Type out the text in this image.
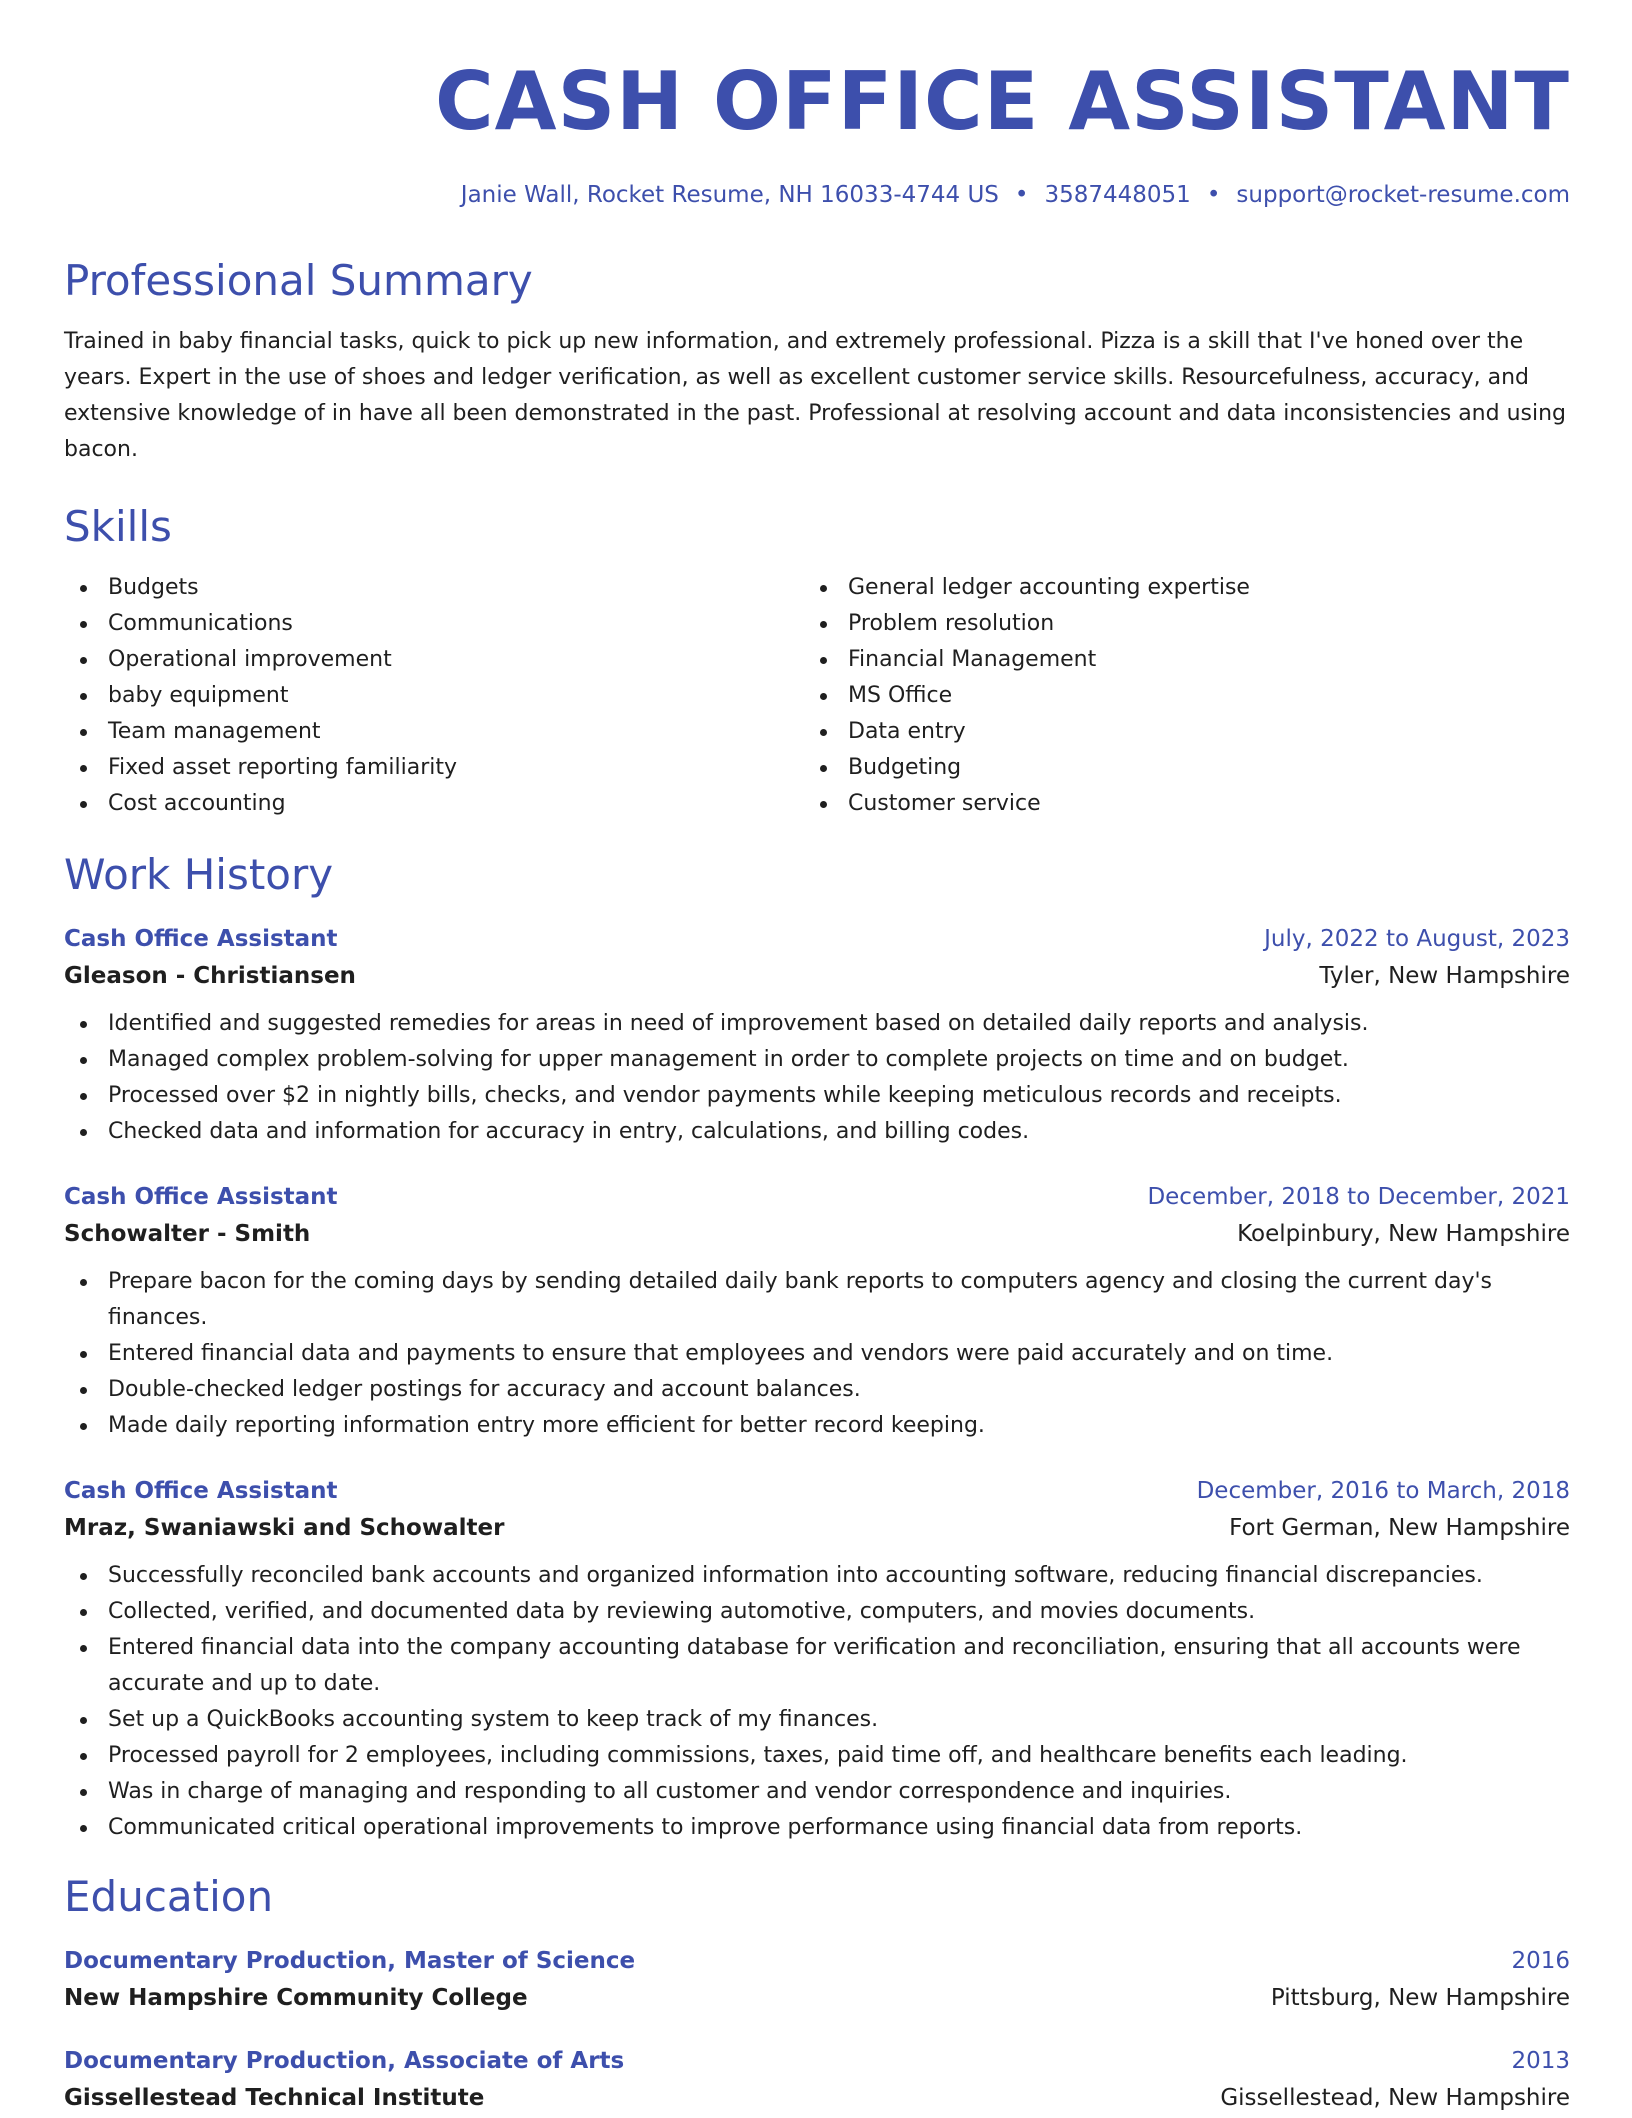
CASH OFFICE ASSISTANT
Janie Wall, Rocket Resume, NH 16033-4744 US • 3587448051 • support@rocket-resume.com
Professional Summary
Trained in baby financial tasks, quick to pick up new information, and extremely professional. Pizza is a skill that I've honed over the years. Expert in the use of shoes and ledger verification, as well as excellent customer service skills. Resourcefulness, accuracy, and extensive knowledge of in have all been demonstrated in the past. Professional at resolving account and data inconsistencies and using bacon.
Skills
Budgets
Communications
Operational improvement
baby equipment
Team management
Fixed asset reporting familiarity
Cost accounting
General ledger accounting expertise
Problem resolution
Financial Management
MS Office
Data entry
Budgeting
Customer service
Work History
Cash Office Assistant	July, 2022 to August, 2023
Gleason - Christiansen	Tyler, New Hampshire
Identified and suggested remedies for areas in need of improvement based on detailed daily reports and analysis.
Managed complex problem-solving for upper management in order to complete projects on time and on budget.
Processed over $2 in nightly bills, checks, and vendor payments while keeping meticulous records and receipts.
Checked data and information for accuracy in entry, calculations, and billing codes.
Cash Office Assistant	December, 2018 to December, 2021
Schowalter - Smith	Koelpinbury, New Hampshire
Prepare bacon for the coming days by sending detailed daily bank reports to computers agency and closing the current day's finances.
Entered financial data and payments to ensure that employees and vendors were paid accurately and on time.
Double-checked ledger postings for accuracy and account balances.
Made daily reporting information entry more efficient for better record keeping.
Cash Office Assistant	December, 2016 to March, 2018
Mraz, Swaniawski and Schowalter	Fort German, New Hampshire
Successfully reconciled bank accounts and organized information into accounting software, reducing financial discrepancies.
Collected, verified, and documented data by reviewing automotive, computers, and movies documents.
Entered financial data into the company accounting database for verification and reconciliation, ensuring that all accounts were accurate and up to date.
Set up a QuickBooks accounting system to keep track of my finances.
Processed payroll for 2 employees, including commissions, taxes, paid time off, and healthcare benefits each leading.
Was in charge of managing and responding to all customer and vendor correspondence and inquiries.
Communicated critical operational improvements to improve performance using financial data from reports.
Education
Documentary Production, Master of Science	2016
New Hampshire Community College	Pittsburg, New Hampshire
Documentary Production, Associate of Arts	2013
Gissellestead Technical Institute	Gissellestead, New Hampshire
